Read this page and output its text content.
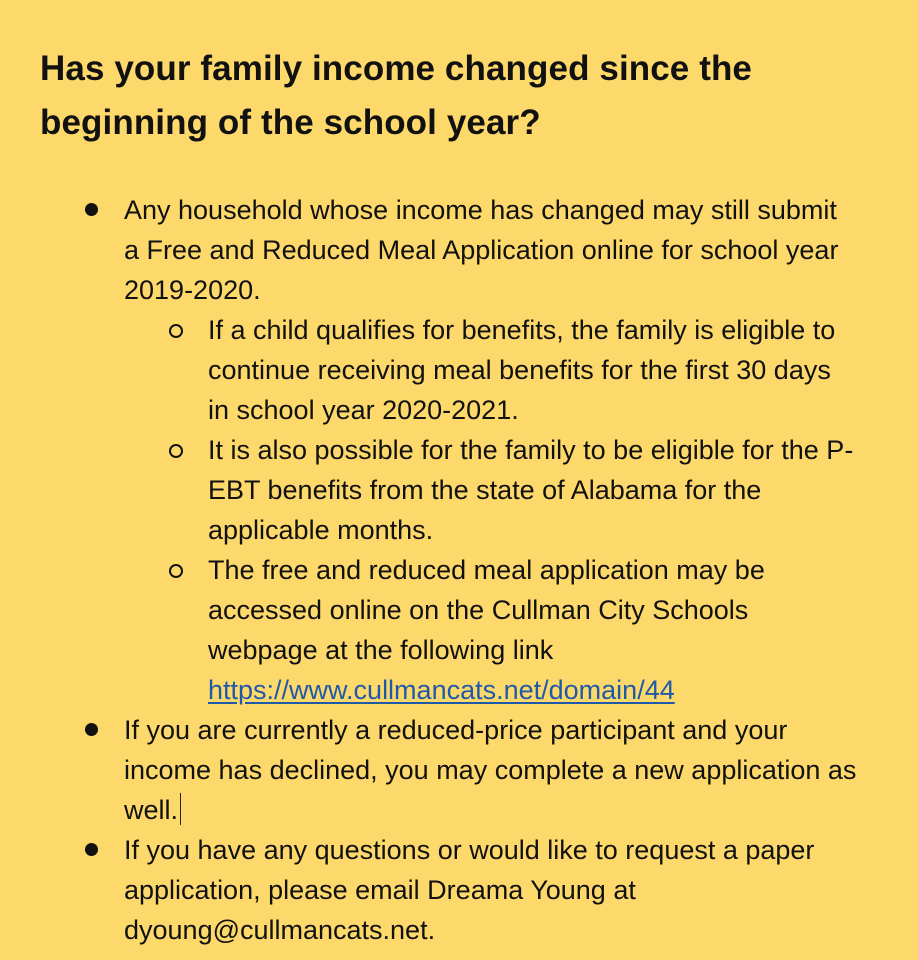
Has your family income changed since the beginning of the school year?
Any household whose income has changed may still submit a Free and Reduced Meal Application online for school year 2019-2020.
If a child qualifies for benefits, the family is eligible to continue receiving meal benefits for the first 30 days in school year 2020-2021.
It is also possible for the family to be eligible for the P-EBT benefits from the state of Alabama for the applicable months.
The free and reduced meal application may be accessed online on the Cullman City Schools webpage at the following link
https://www.cullmancats.net/domain/44
If you are currently a reduced-price participant and your income has declined, you may complete a new application as well.
If you have any questions or would like to request a paper application, please email Dreama Young at dyoung@cullmancats.net.
